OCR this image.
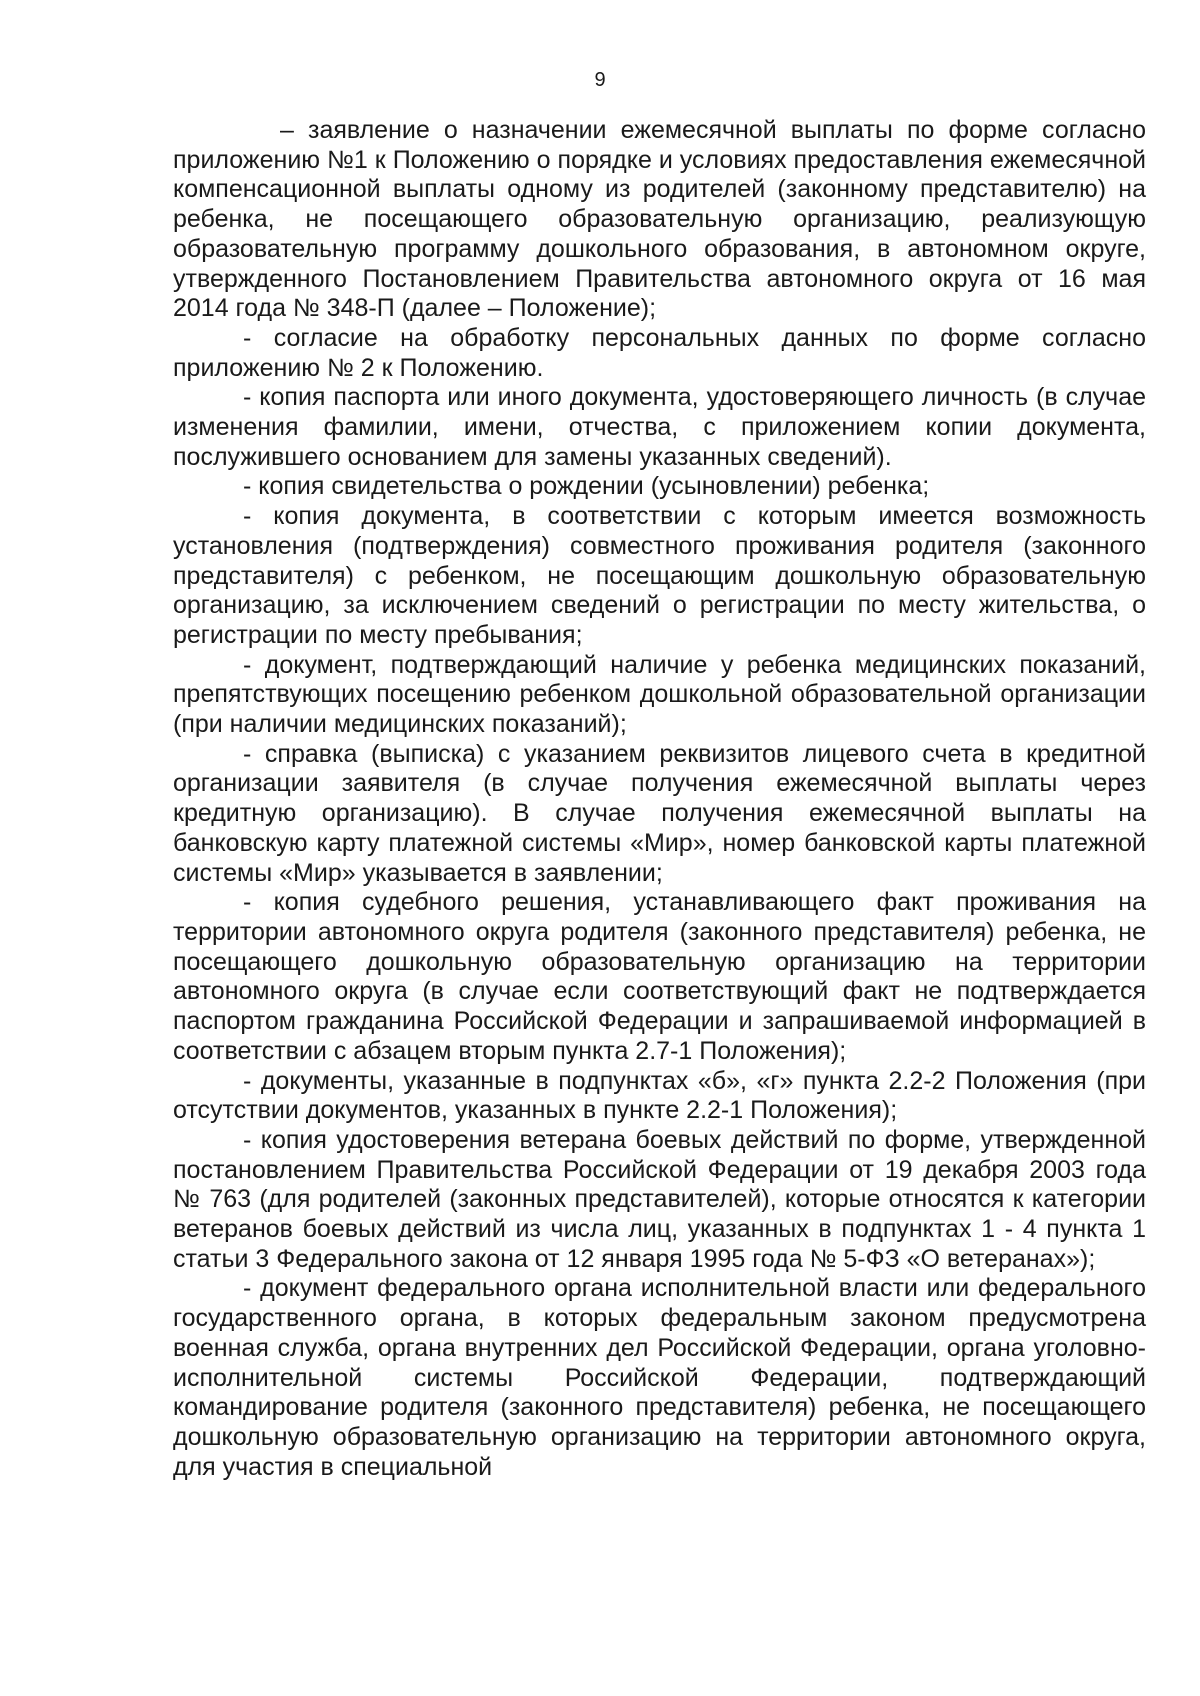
9

– заявление о назначении ежемесячной выплаты по форме согласно приложению №1 к Положению о порядке и условиях предоставления ежемесячной компенсационной выплаты одному из родителей (законному представителю) на ребенка, не посещающего образовательную организацию, реализующую образовательную программу дошкольного образования, в автономном округе, утвержденного Постановлением Правительства автономного округа от 16 мая 2014 года № 348-П (далее – Положение);

- согласие на обработку персональных данных по форме согласно приложению № 2 к Положению.

- копия паспорта или иного документа, удостоверяющего личность (в случае изменения фамилии, имени, отчества, с приложением копии документа, послужившего основанием для замены указанных сведений).

- копия свидетельства о рождении (усыновлении) ребенка;

- копия документа, в соответствии с которым имеется возможность установления (подтверждения) совместного проживания родителя (законного представителя) с ребенком, не посещающим дошкольную образовательную организацию, за исключением сведений о регистрации по месту жительства, о регистрации по месту пребывания;

- документ, подтверждающий наличие у ребенка медицинских показаний, препятствующих посещению ребенком дошкольной образовательной организации (при наличии медицинских показаний);

- справка (выписка) с указанием реквизитов лицевого счета в кредитной организации заявителя (в случае получения ежемесячной выплаты через кредитную организацию). В случае получения ежемесячной выплаты на банковскую карту платежной системы «Мир», номер банковской карты платежной системы «Мир» указывается в заявлении;

- копия судебного решения, устанавливающего факт проживания на территории автономного округа родителя (законного представителя) ребенка, не посещающего дошкольную образовательную организацию на территории автономного округа (в случае если соответствующий факт не подтверждается паспортом гражданина Российской Федерации и запрашиваемой информацией в соответствии с абзацем вторым пункта 2.7-1 Положения);

- документы, указанные в подпунктах «б», «г» пункта 2.2-2 Положения (при отсутствии документов, указанных в пункте 2.2-1 Положения);

- копия удостоверения ветерана боевых действий по форме, утвержденной постановлением Правительства Российской Федерации от 19 декабря 2003 года № 763 (для родителей (законных представителей), которые относятся к категории ветеранов боевых действий из числа лиц, указанных в подпунктах 1 - 4 пункта 1 статьи 3 Федерального закона от 12 января 1995 года № 5-ФЗ «О ветеранах»);

- документ федерального органа исполнительной власти или федерального государственного органа, в которых федеральным законом предусмотрена военная служба, органа внутренних дел Российской Федерации, органа уголовно-исполнительной системы Российской Федерации, подтверждающий командирование родителя (законного представителя) ребенка, не посещающего дошкольную образовательную организацию на территории автономного округа, для участия в специальной
